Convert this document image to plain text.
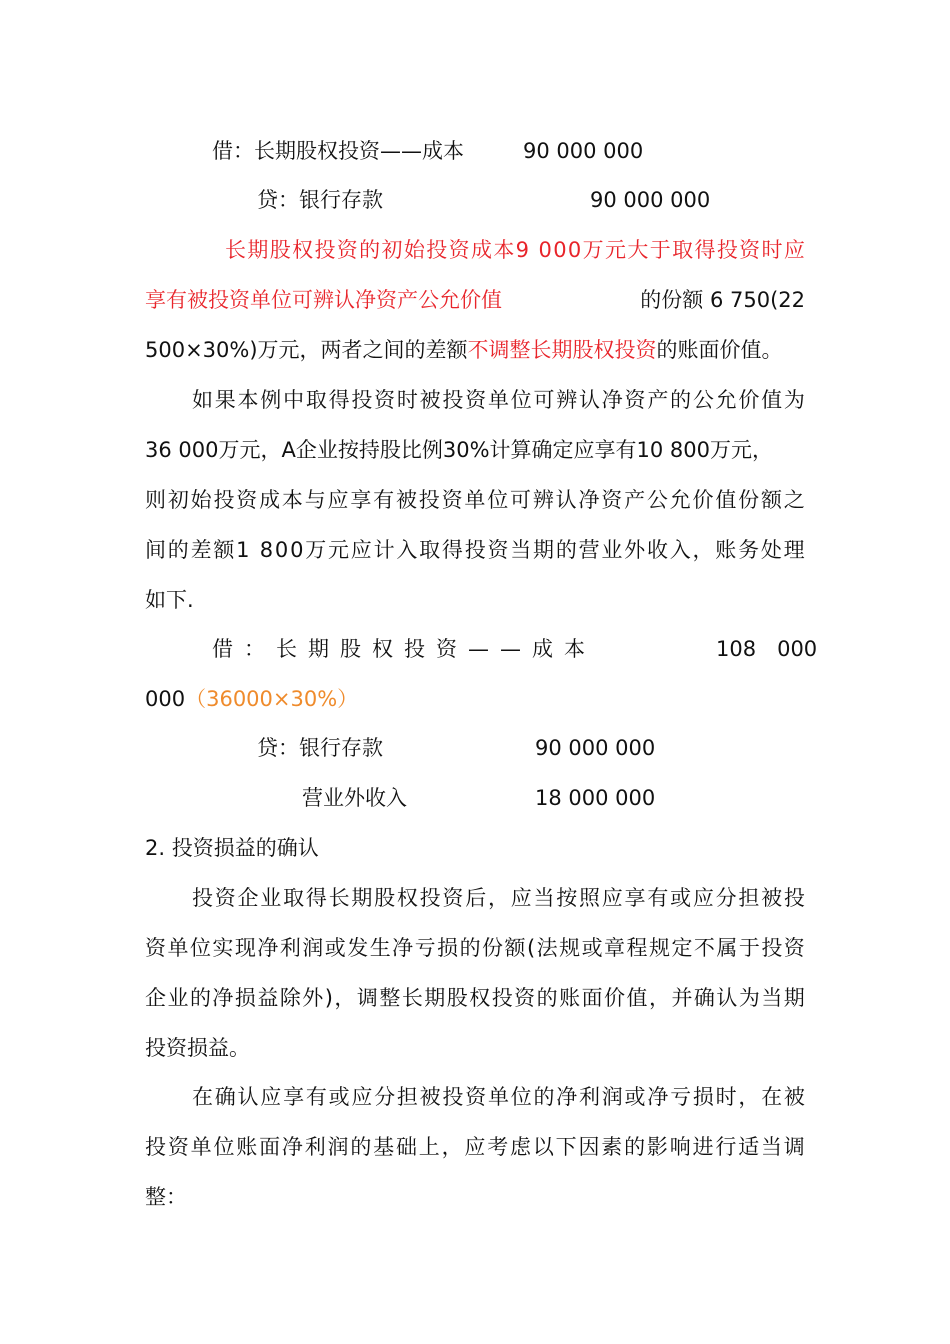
借：长期股权投资——成本	90 000 000
贷：银行存款	90 000 000
长 期 股 权 投 资 的 初 始 投 资 成 本 9
0 0 0 万 元 大 于 取 得 投 资 时 应
享有被投资单位可辨认净资产公允价值	的份额 6 750(22
500×30%)万元，两者之间的差额不调整长期股权投资的账面价值。
如 果 本 例 中 取 得 投 资 时 被 投 资 单 位 可 辨 认 净 资 产 的 公 允 价 值 为
36 000万元，A企业按持股比例30%计算确定应享有10 800万元，
则 初 始 投 资 成 本 与 应 享 有 被 投 资 单 位 可 辨 认 净 资 产 公 允 价 值 份 额 之
间 的 差 额 1
8 0 0 万 元 应 计 入 取 得 投 资 当 期 的 营 业 外 收 入 ， 账 务 处 理
如下.
借：长期股权投资——成本	108　000
000（36000×30%）
贷：银行存款	90 000 000
营业外收入	18 000 000
2. 投资损益的确认
投 资 企 业 取 得 长 期 股 权 投 资 后 ， 应 当 按 照 应 享 有 或 应 分 担 被 投
资 单 位 实 现 净 利 润 或 发 生 净 亏 损 的 份 额 ( 法 规 或 章 程 规 定 不 属 于 投 资
企 业 的 净 损 益 除 外 ) ， 调 整 长 期 股 权 投 资 的 账 面 价 值 ， 并 确 认 为 当 期
投资损益。
在 确 认 应 享 有 或 应 分 担 被 投 资 单 位 的 净 利 润 或 净 亏 损 时 ， 在 被
投 资 单 位 账 面 净 利 润 的 基 础 上 ， 应 考 虑 以 下 因 素 的 影 响 进 行 适 当 调
整：
